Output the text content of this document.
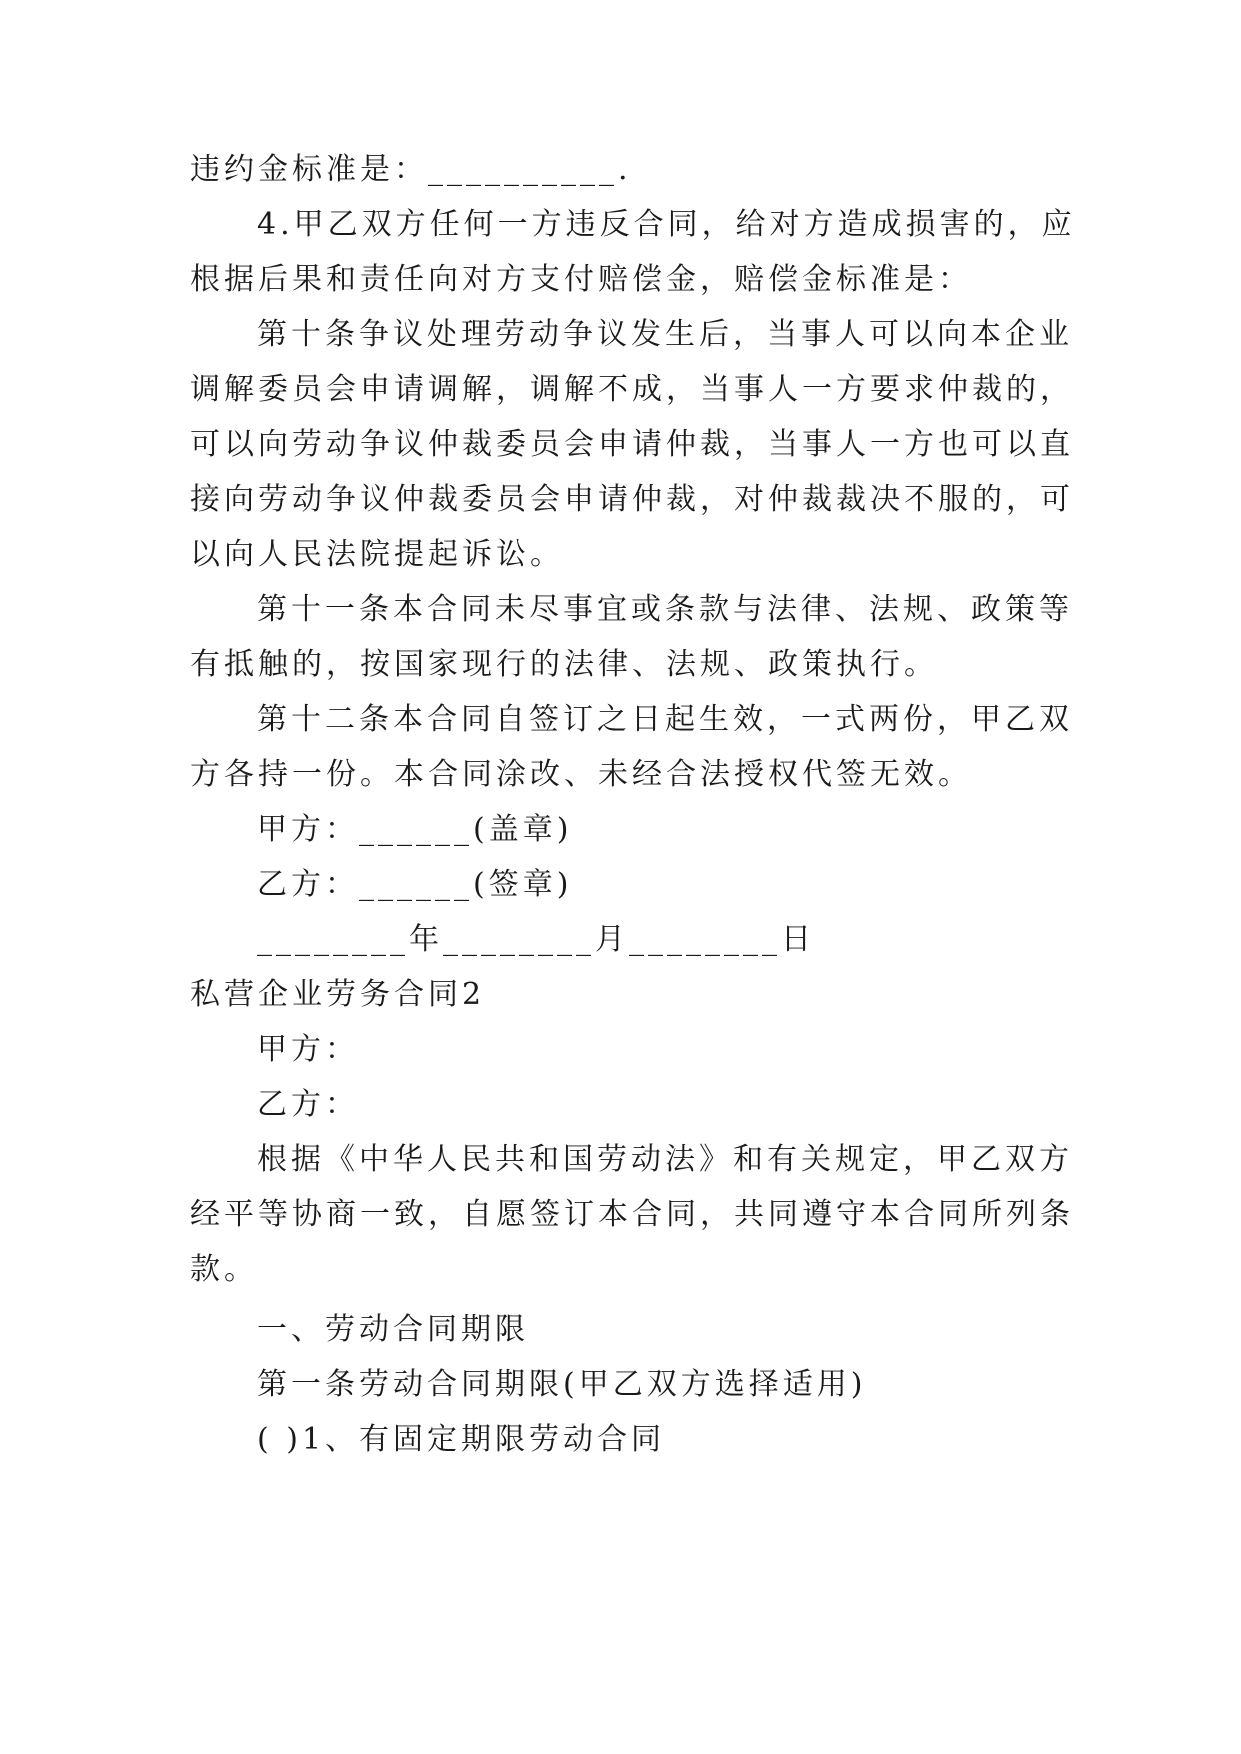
违约金标准是：__________.
4.甲乙双方任何一方违反合同，给对方造成损害的，应
根据后果和责任向对方支付赔偿金，赔偿金标准是：
第十条争议处理劳动争议发生后，当事人可以向本企业
调解委员会申请调解，调解不成，当事人一方要求仲裁的，
可以向劳动争议仲裁委员会申请仲裁，当事人一方也可以直
接向劳动争议仲裁委员会申请仲裁，对仲裁裁决不服的，可
以向人民法院提起诉讼。
第十一条本合同未尽事宜或条款与法律、法规、政策等
有抵触的，按国家现行的法律、法规、政策执行。
第十二条本合同自签订之日起生效，一式两份，甲乙双
方各持一份。本合同涂改、未经合法授权代签无效。
甲方：______(盖章)
乙方：______(签章)
________年________月________日
私营企业劳务合同2
甲方：
乙方：
根据《中华人民共和国劳动法》和有关规定，甲乙双方
经平等协商一致，自愿签订本合同，共同遵守本合同所列条
款。
一、劳动合同期限
第一条劳动合同期限(甲乙双方选择适用)
( )1、有固定期限劳动合同
